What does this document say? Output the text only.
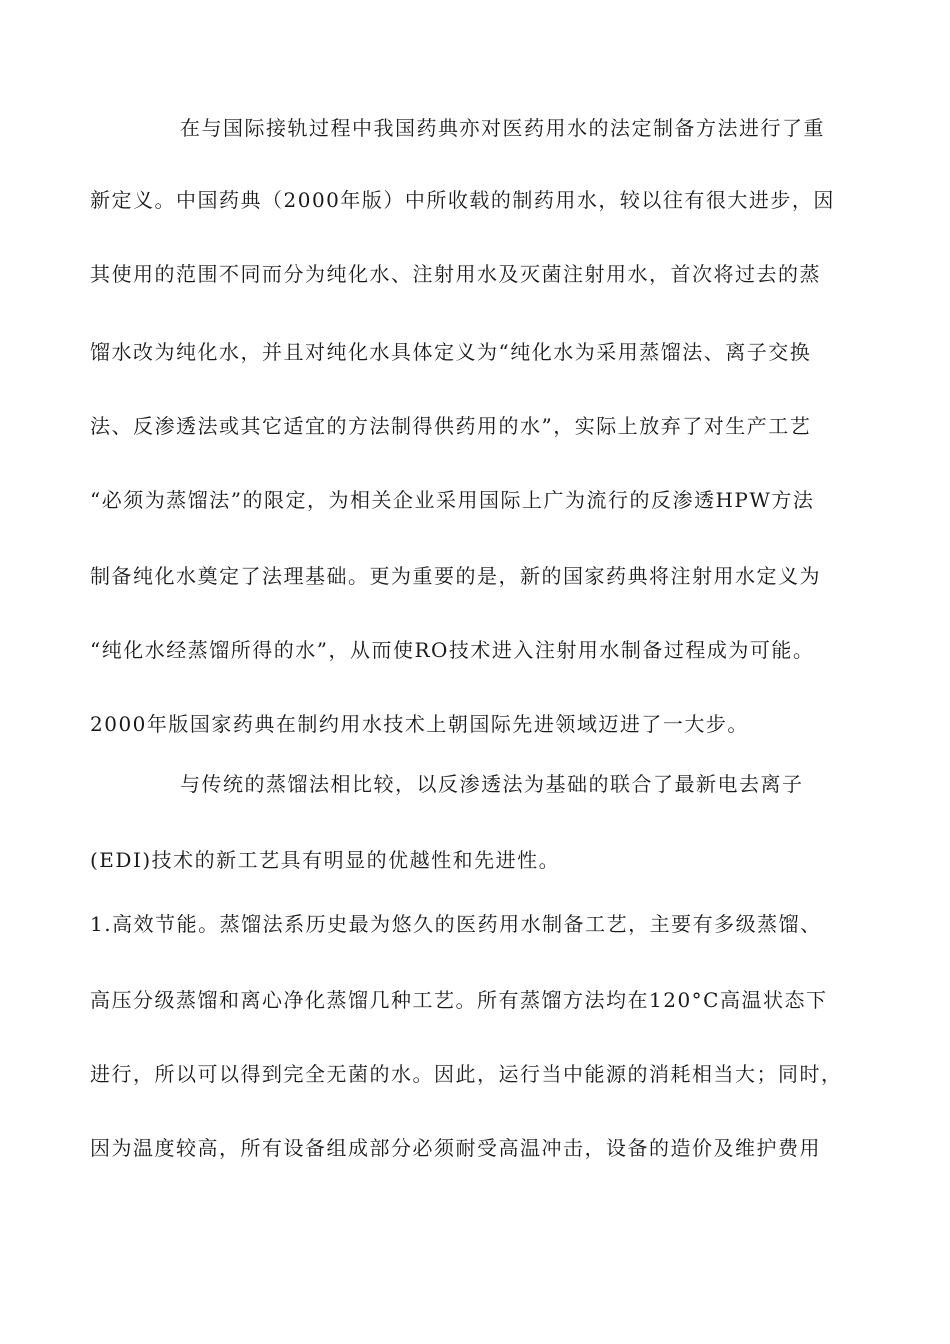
在与国际接轨过程中我国药典亦对医药用水的法定制备方法进行了重
新定义。中国药典（2000年版）中所收载的制药用水，较以往有很大进步，因
其使用的范围不同而分为纯化水、注射用水及灭菌注射用水，首次将过去的蒸
馏水改为纯化水，并且对纯化水具体定义为“纯化水为采用蒸馏法、离子交换
法、反渗透法或其它适宜的方法制得供药用的水”，实际上放弃了对生产工艺
“必须为蒸馏法”的限定，为相关企业采用国际上广为流行的反渗透HPW方法
制备纯化水奠定了法理基础。更为重要的是，新的国家药典将注射用水定义为
“纯化水经蒸馏所得的水”，从而使RO技术进入注射用水制备过程成为可能。
2000年版国家药典在制约用水技术上朝国际先进领域迈进了一大步。
与传统的蒸馏法相比较，以反渗透法为基础的联合了最新电去离子
(EDI)技术的新工艺具有明显的优越性和先进性。
1.高效节能。蒸馏法系历史最为悠久的医药用水制备工艺，主要有多级蒸馏、
高压分级蒸馏和离心净化蒸馏几种工艺。所有蒸馏方法均在120°C高温状态下
进行，所以可以得到完全无菌的水。因此，运行当中能源的消耗相当大；同时，
因为温度较高，所有设备组成部分必须耐受高温冲击，设备的造价及维护费用
